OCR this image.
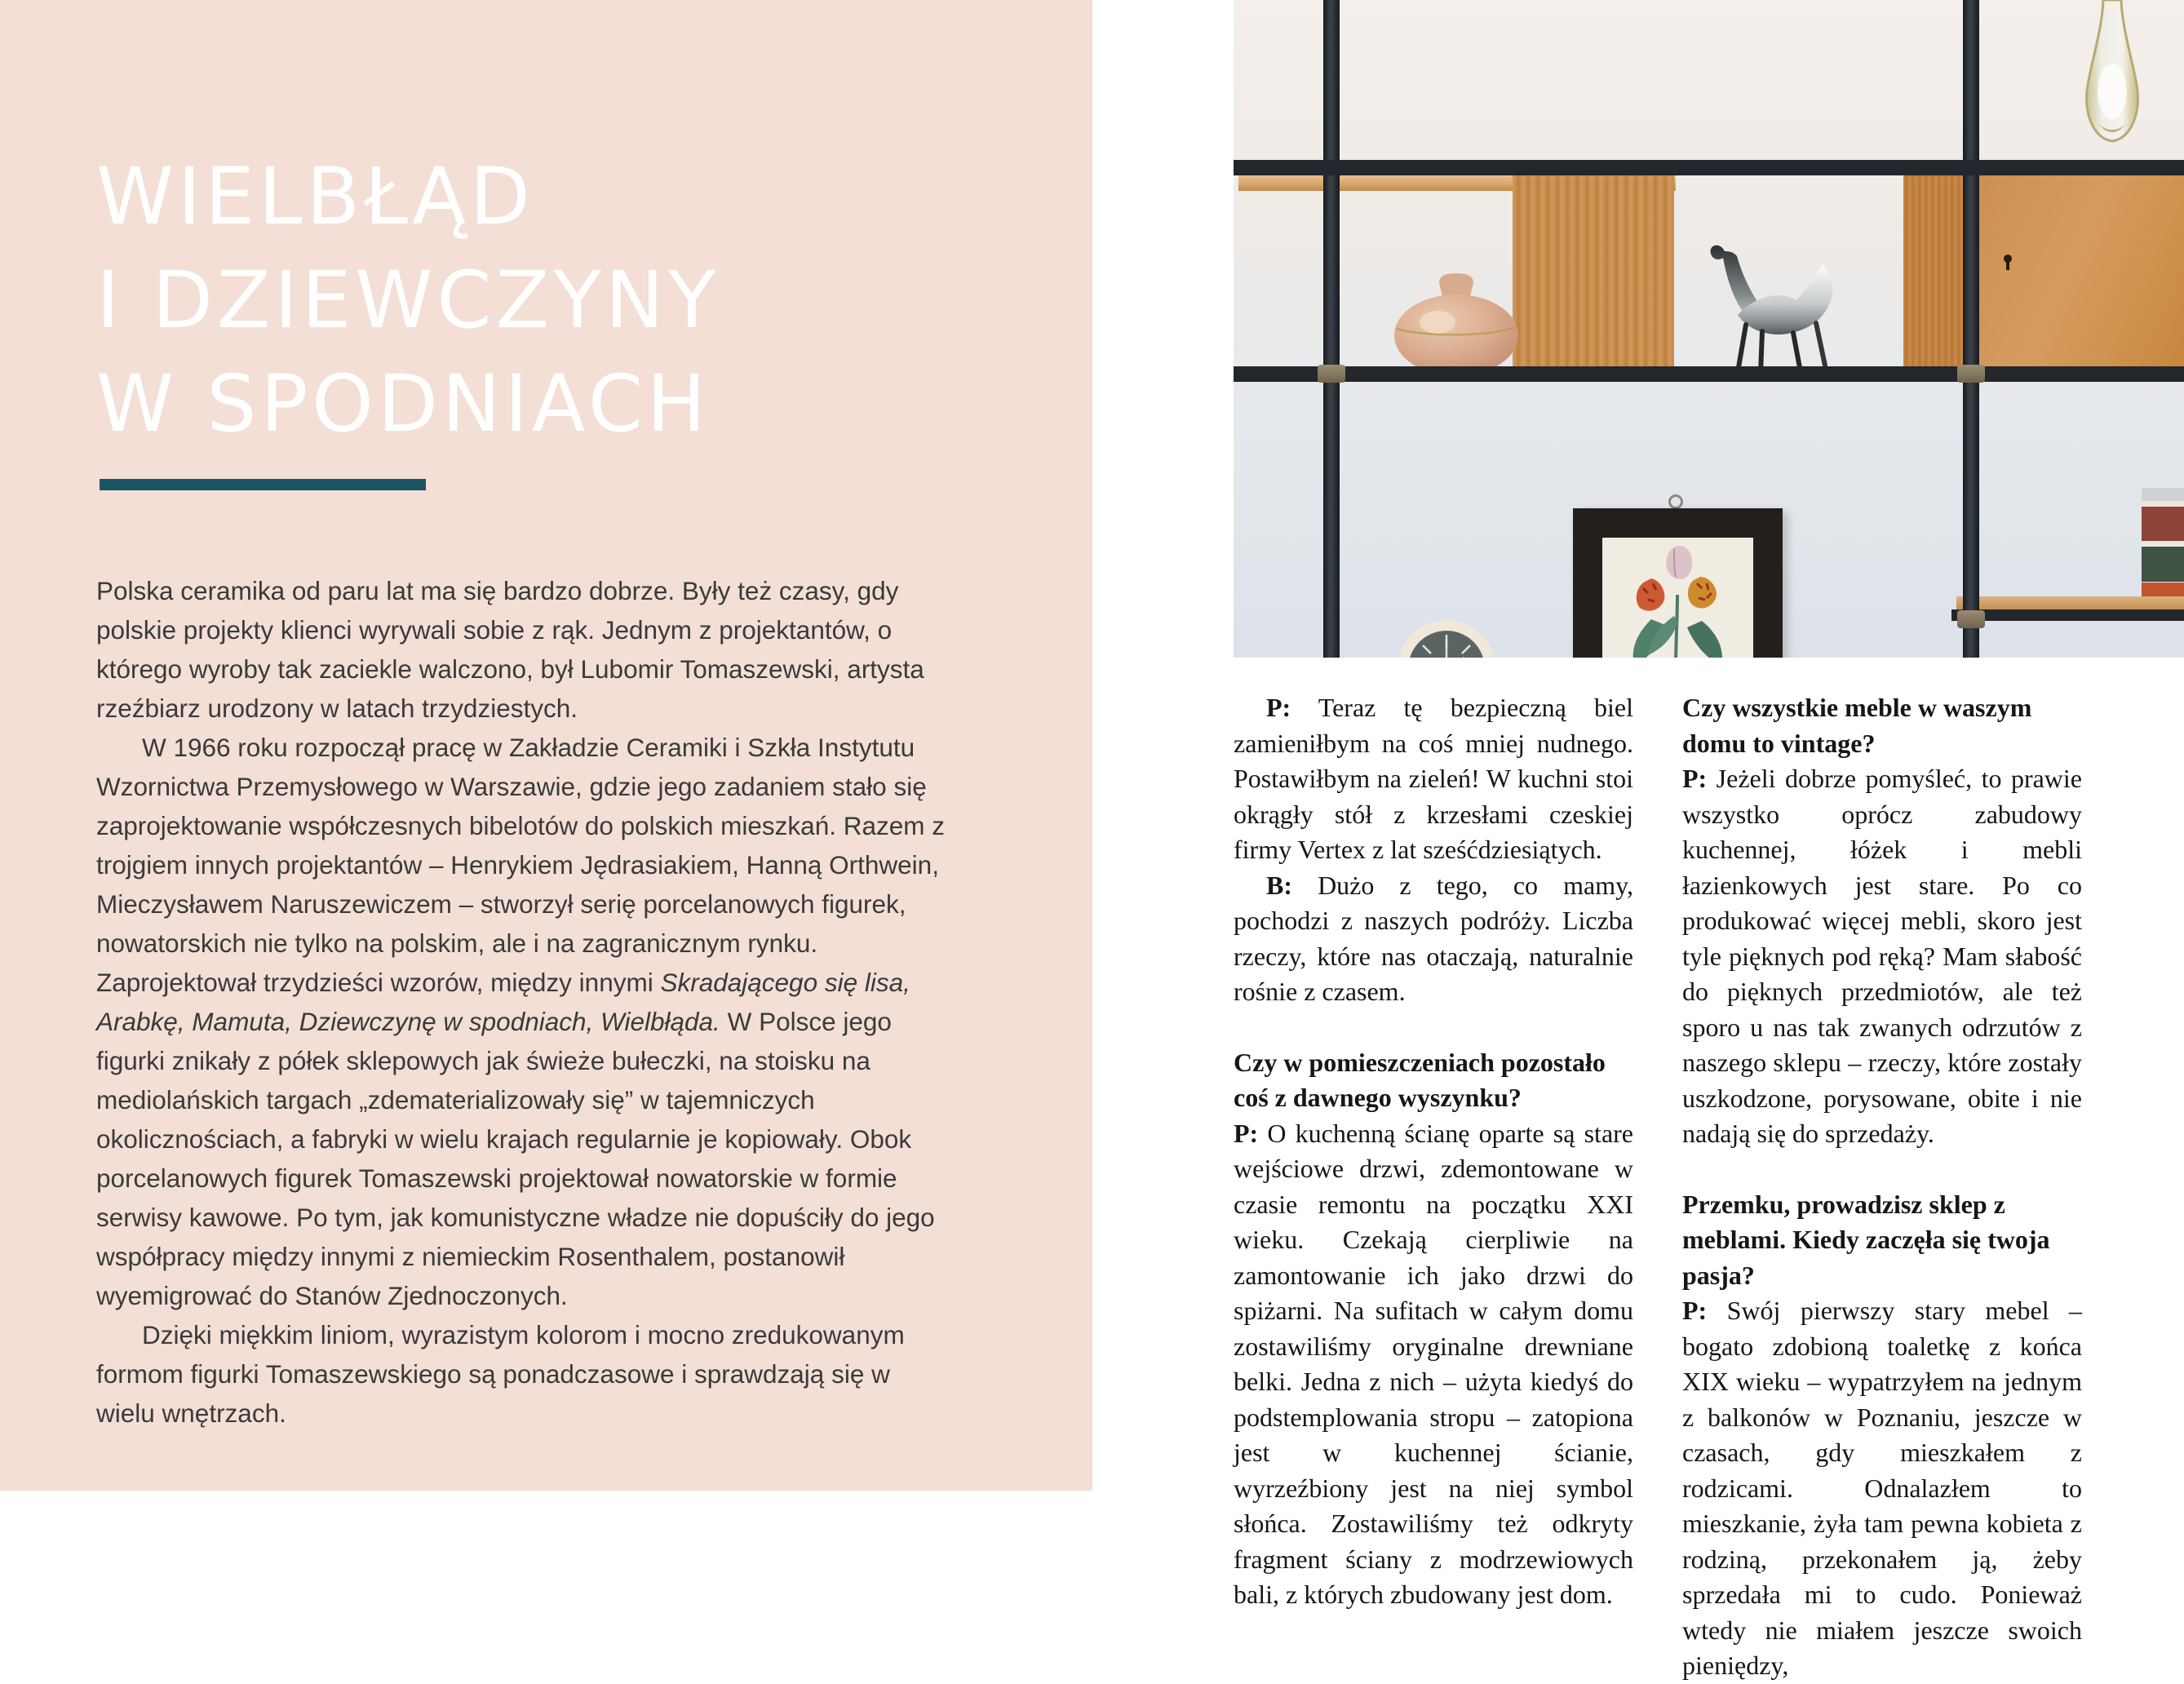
WIELBŁĄD
I DZIEWCZYNY
W SPODNIACH

Polska ceramika od paru lat ma się bardzo dobrze. Były też czasy, gdy polskie projekty klienci wyrywali sobie z rąk. Jednym z projektantów, o którego wyroby tak zaciekle walczono, był Lubomir Tomaszewski, artysta rzeźbiarz urodzony w latach trzydziestych.

W 1966 roku rozpoczął pracę w Zakładzie Ceramiki i Szkła Instytutu Wzornictwa Przemysłowego w Warszawie, gdzie jego zadaniem stało się zaprojektowanie współczesnych bibelotów do polskich mieszkań. Razem z trojgiem innych projektantów – Henrykiem Jędrasiakiem, Hanną Orthwein, Mieczysławem Naruszewiczem – stworzył serię porcelanowych figurek, nowatorskich nie tylko na polskim, ale i na zagranicznym rynku. Zaprojektował trzydzieści wzorów, między innymi Skradającego się lisa, Arabkę, Mamuta, Dziewczynę w spodniach, Wielbłąda. W Polsce jego figurki znikały z półek sklepowych jak świeże bułeczki, na stoisku na mediolańskich targach „zdematerializowały się” w tajemniczych okolicznościach, a fabryki w wielu krajach regularnie je kopiowały. Obok porcelanowych figurek Tomaszewski projektował nowatorskie w formie serwisy kawowe. Po tym, jak komunistyczne władze nie dopuściły do jego współpracy między innymi z niemieckim Rosenthalem, postanowił wyemigrować do Stanów Zjednoczonych.

Dzięki miękkim liniom, wyrazistym kolorom i mocno zredukowanym formom figurki Tomaszewskiego są ponadczasowe i sprawdzają się w wielu wnętrzach.

P: Teraz tę bezpieczną biel zamieniłbym na coś mniej nudnego. Postawiłbym na zieleń! W kuchni stoi okrągły stół z krzesłami czeskiej firmy Vertex z lat sześćdziesiątych.

B: Dużo z tego, co mamy, pochodzi z naszych podróży. Liczba rzeczy, które nas otaczają, naturalnie rośnie z czasem.

Czy w pomieszczeniach pozostało coś z dawnego wyszynku?

P: O kuchenną ścianę oparte są stare wejściowe drzwi, zdemontowane w czasie remontu na początku XXI wieku. Czekają cierpliwie na zamontowanie ich jako drzwi do spiżarni. Na sufitach w całym domu zostawiliśmy oryginalne drewniane belki. Jedna z nich – użyta kiedyś do podstemplowania stropu – zatopiona jest w kuchennej ścianie, wyrzeźbiony jest na niej symbol słońca. Zostawiliśmy też odkryty fragment ściany z modrzewiowych bali, z których zbudowany jest dom.

Czy wszystkie meble w waszym domu to vintage?

P: Jeżeli dobrze pomyśleć, to prawie wszystko oprócz zabudowy kuchennej, łóżek i mebli łazienkowych jest stare. Po co produkować więcej mebli, skoro jest tyle pięknych pod ręką? Mam słabość do pięknych przedmiotów, ale też sporo u nas tak zwanych odrzutów z naszego sklepu – rzeczy, które zostały uszkodzone, porysowane, obite i nie nadają się do sprzedaży.

Przemku, prowadzisz sklep z meblami. Kiedy zaczęła się twoja pasja?

P: Swój pierwszy stary mebel – bogato zdobioną toaletkę z końca XIX wieku – wypatrzyłem na jednym z balkonów w Poznaniu, jeszcze w czasach, gdy mieszkałem z rodzicami. Odnalazłem to mieszkanie, żyła tam pewna kobieta z rodziną, przekonałem ją, żeby sprzedała mi to cudo. Ponieważ wtedy nie miałem jeszcze swoich pieniędzy,
